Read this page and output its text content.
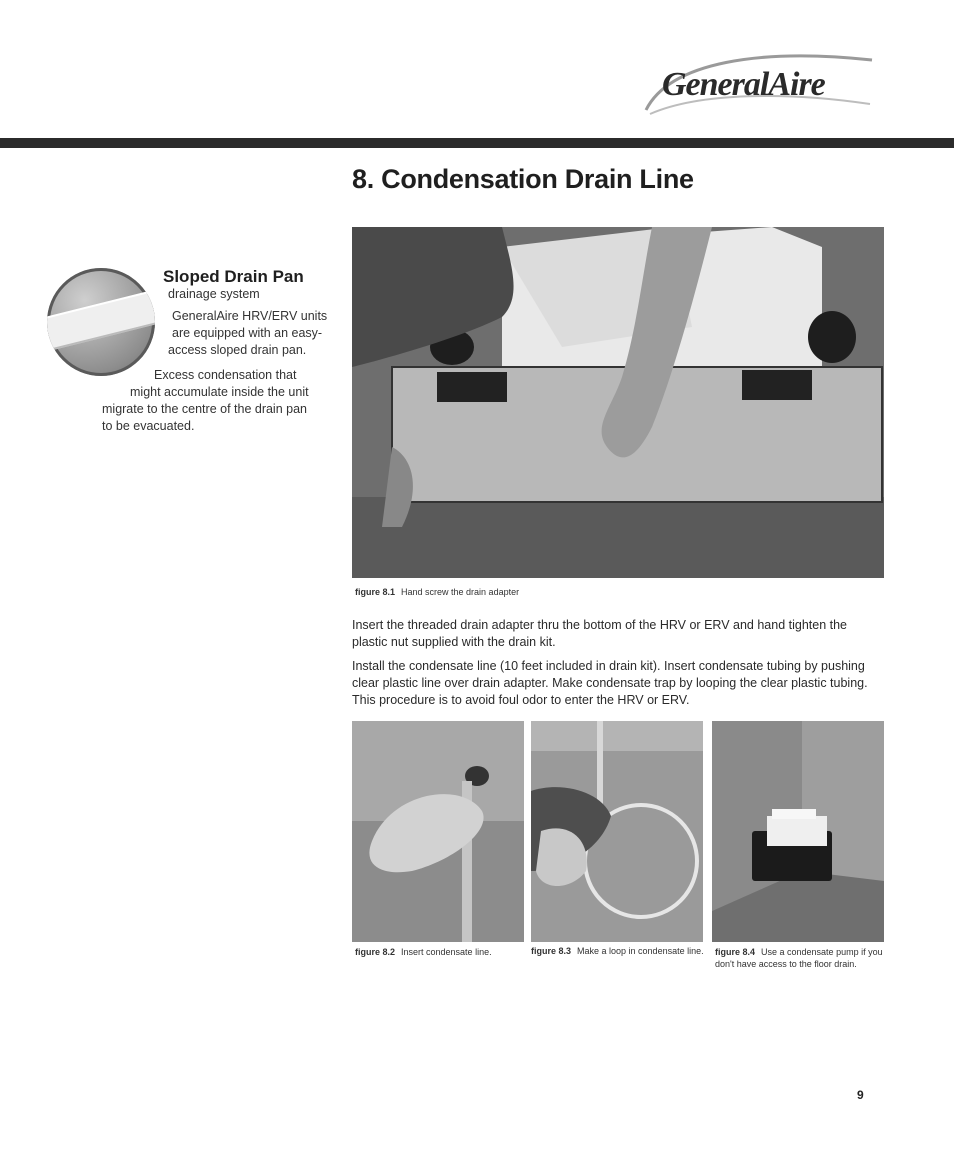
GeneralAire
8. Condensation Drain Line
Sloped Drain Pan

drainage system

GeneralAire HRV/ERV units

are equipped with an easy-

access sloped drain pan.

Excess condensation that

might accumulate inside the unit

migrate to the centre of the drain pan

to be evacuated.

figure 8.1 Hand screw the drain adapter

Insert the threaded drain adapter thru the bottom of the HRV or ERV and hand tighten the plastic nut supplied with the drain kit.

Install the condensate line (10 feet included in drain kit). Insert condensate tubing by pushing clear plastic line over drain adapter. Make condensate trap by looping the clear plastic tubing. This procedure is to avoid foul odor to enter the HRV or ERV.

figure 8.2 Insert condensate line.	figure 8.3 Make a loop in condensate line. figure 8.4 Use a condensate pump if you don't have access to the floor drain.

9
